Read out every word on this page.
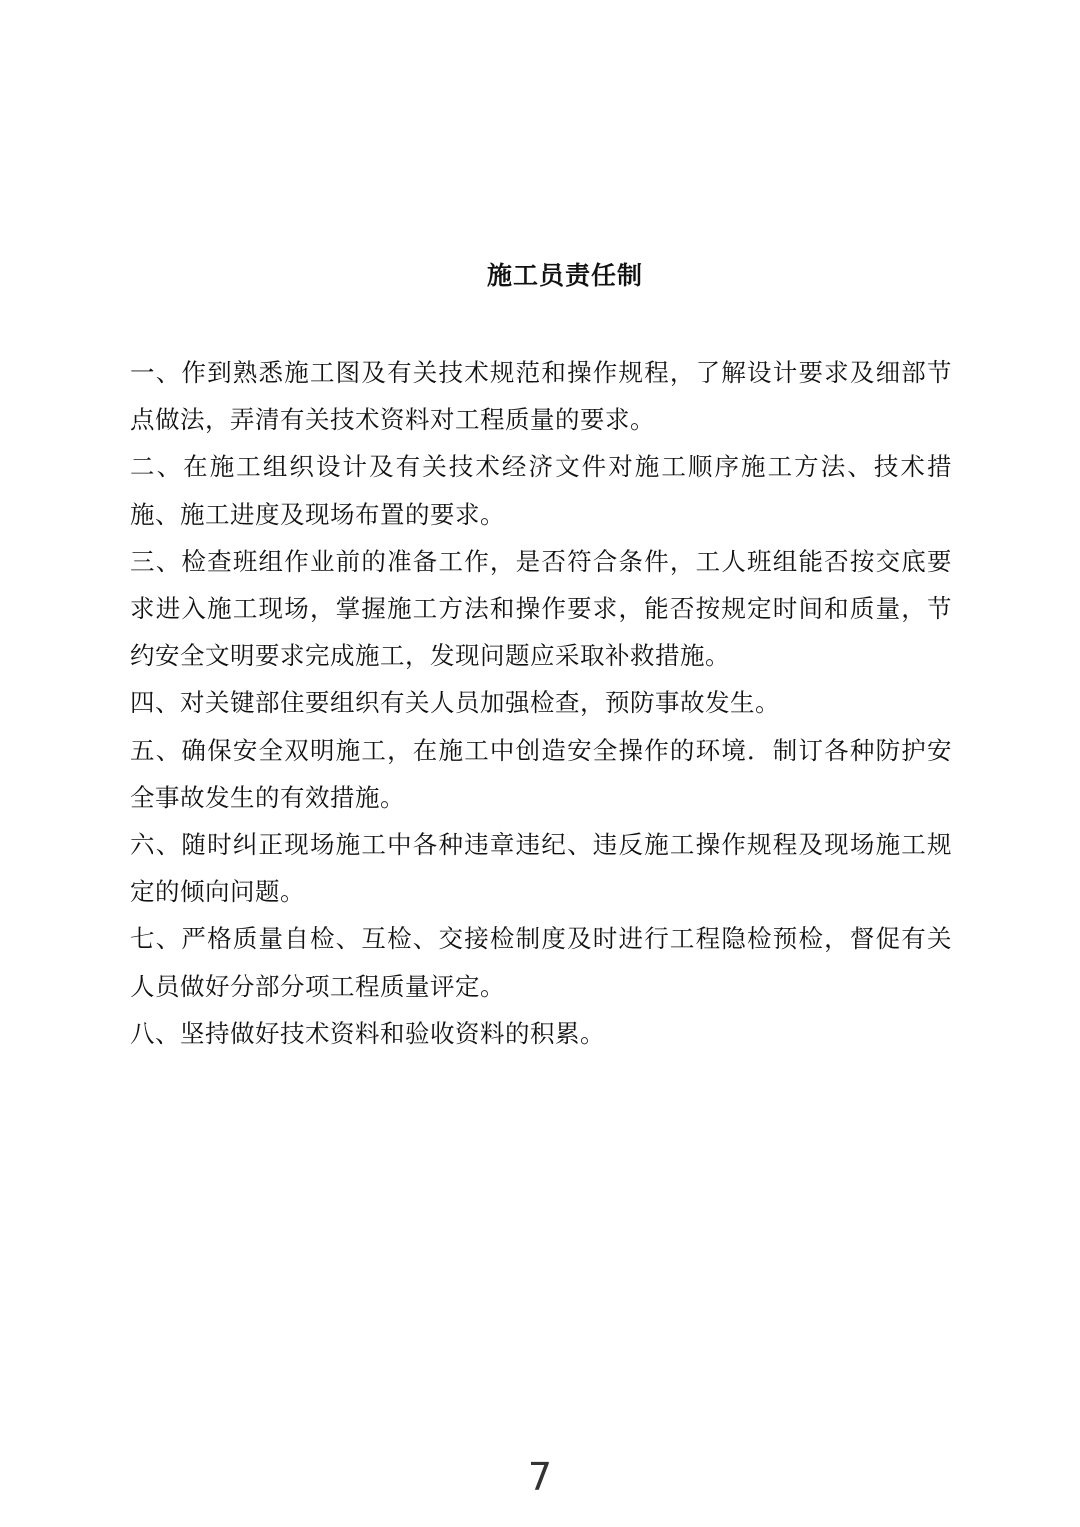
施工员责任制

一、作到熟悉施工图及有关技术规范和操作规程，了解设计要求及细部节点做法，弄清有关技术资料对工程质量的要求。

二、在施工组织设计及有关技术经济文件对施工顺序施工方法、技术措施、施工进度及现场布置的要求。

三、检查班组作业前的准备工作，是否符合条件，工人班组能否按交底要求进入施工现场，掌握施工方法和操作要求，能否按规定时间和质量，节约安全文明要求完成施工，发现问题应采取补救措施。

四、对关键部住要组织有关人员加强检查，预防事故发生。

五、确保安全双明施工，在施工中创造安全操作的环境．制订各种防护安全事故发生的有效措施。

六、随时纠正现场施工中各种违章违纪、违反施工操作规程及现场施工规定的倾向问题。

七、严格质量自检、互检、交接检制度及时进行工程隐检预检，督促有关人员做好分部分项工程质量评定。

八、坚持做好技术资料和验收资料的积累。

7
